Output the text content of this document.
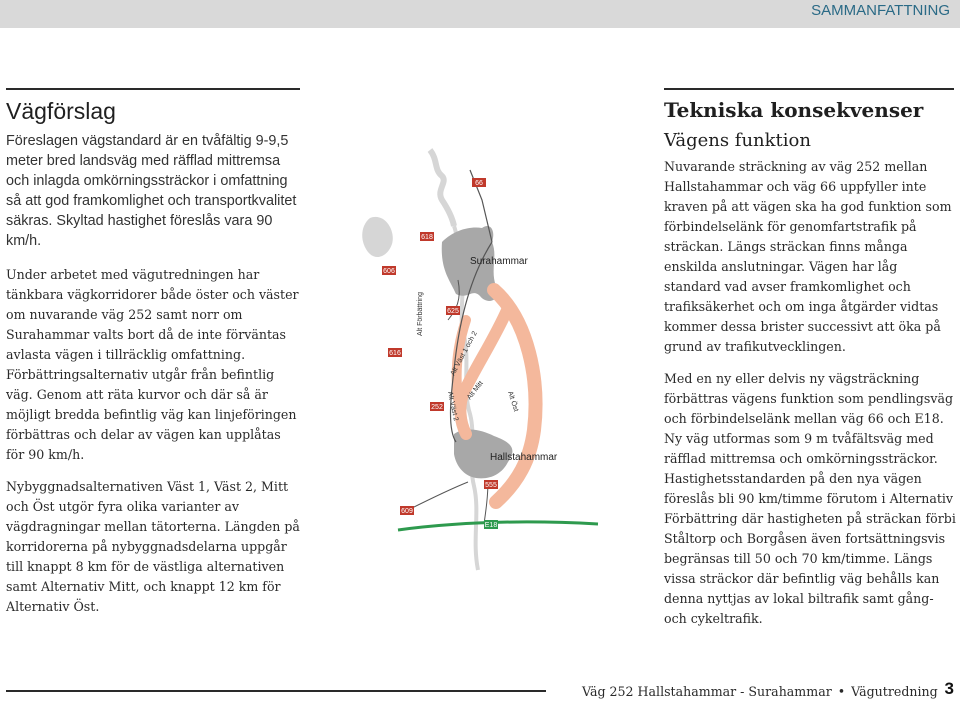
SAMMANFATTNING
Vägförslag

Föreslagen vägstandard är en tvåfältig 9-9,5 meter bred landsväg med räfflad mittremsa och inlagda omkörningssträckor i omfattning så att god framkomlighet och transportkvalitet säkras. Skyltad hastighet föreslås vara 90 km/h.

Under arbetet med vägutredningen har tänkbara vägkorridorer både öster och väster om nuvarande väg 252 samt norr om Surahammar valts bort då de inte förväntas avlasta vägen i tillräcklig omfattning. Förbättringsalternativ utgår från befintlig väg. Genom att räta kurvor och där så är möjligt bredda befintlig väg kan linjeföringen förbättras och delar av vägen kan upplåtas för 90 km/h.

Nybyggnadsalternativen Väst 1, Väst 2, Mitt och Öst utgör fyra olika varianter av vägdragningar mellan tätorterna. Längden på korridorerna på nybyggnadsdelarna uppgår till knappt 8 km för de västliga alternativen samt Alternativ Mitt, och knappt 12 km för Alternativ Öst.

66
606
618
625
616
252
555
609
E18
Surahammar
Hallstahammar
Alt Förbättring
Alt Väst 1 och 2
Alt Väst 2
Alt Mitt	Alt Öst
Tekniska konsekvenser
Vägens funktion

Nuvarande sträckning av väg 252 mellan Hallstahammar och väg 66 uppfyller inte kraven på att vägen ska ha god funktion som förbindelselänk för genomfartstrafik på sträckan. Längs sträckan finns många enskilda anslutningar. Vägen har låg standard vad avser framkomlighet och trafiksäkerhet och om inga åtgärder vidtas kommer dessa brister successivt att öka på grund av trafikutvecklingen.

Med en ny eller delvis ny vägsträckning förbättras vägens funktion som pendlingsväg och förbindelselänk mellan väg 66 och E18. Ny väg utformas som 9 m tvåfältsväg med räfflad mittremsa och omkörningssträckor. Hastighetsstandarden på den nya vägen föreslås bli 90 km/timme förutom i Alternativ Förbättring där hastigheten på sträckan förbi Ståltorp och Borgåsen även fortsättningsvis begränsas till 50 och 70 km/timme. Längs vissa sträckor där befintlig väg behålls kan denna nyttjas av lokal biltrafik samt gång- och cykeltrafik.

Väg 252 Hallstahammar - Surahammar • Vägutredning 3
